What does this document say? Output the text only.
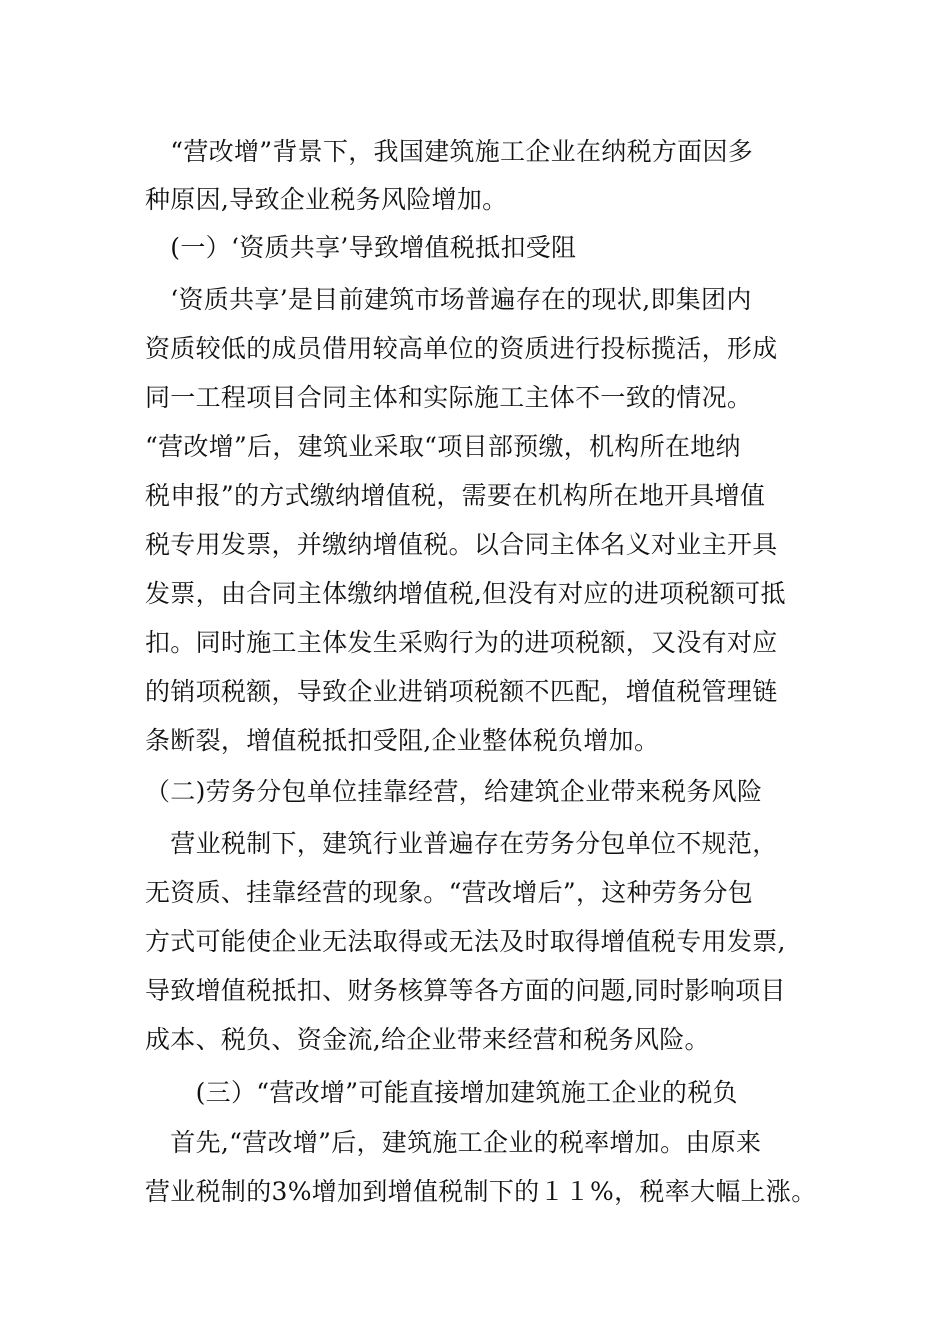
　“营改增”背景下，我国建筑施工企业在纳税方面因多
种原因,导致企业税务风险增加。
　(一）‘资质共享’导致增值税抵扣受阻
　‘资质共享’是目前建筑市场普遍存在的现状,即集团内
资质较低的成员借用较高单位的资质进行投标揽活，形成
同一工程项目合同主体和实际施工主体不一致的情况。
“营改增”后，建筑业采取“项目部预缴，机构所在地纳
税申报”的方式缴纳增值税，需要在机构所在地开具增值
税专用发票，并缴纳增值税。以合同主体名义对业主开具
发票，由合同主体缴纳增值税,但没有对应的进项税额可抵
扣。同时施工主体发生采购行为的进项税额，又没有对应
的销项税额，导致企业进销项税额不匹配，增值税管理链
条断裂，增值税抵扣受阻,企业整体税负增加。
（二)劳务分包单位挂靠经营，给建筑企业带来税务风险
　营业税制下，建筑行业普遍存在劳务分包单位不规范，
无资质、挂靠经营的现象。“营改增后”，这种劳务分包
方式可能使企业无法取得或无法及时取得增值税专用发票,
导致增值税抵扣、财务核算等各方面的问题,同时影响项目
成本、税负、资金流,给企业带来经营和税务风险。
　　(三）“营改增”可能直接增加建筑施工企业的税负
　首先,“营改增”后，建筑施工企业的税率增加。由原来
营业税制的3%增加到增值税制下的１１%，税率大幅上涨。
